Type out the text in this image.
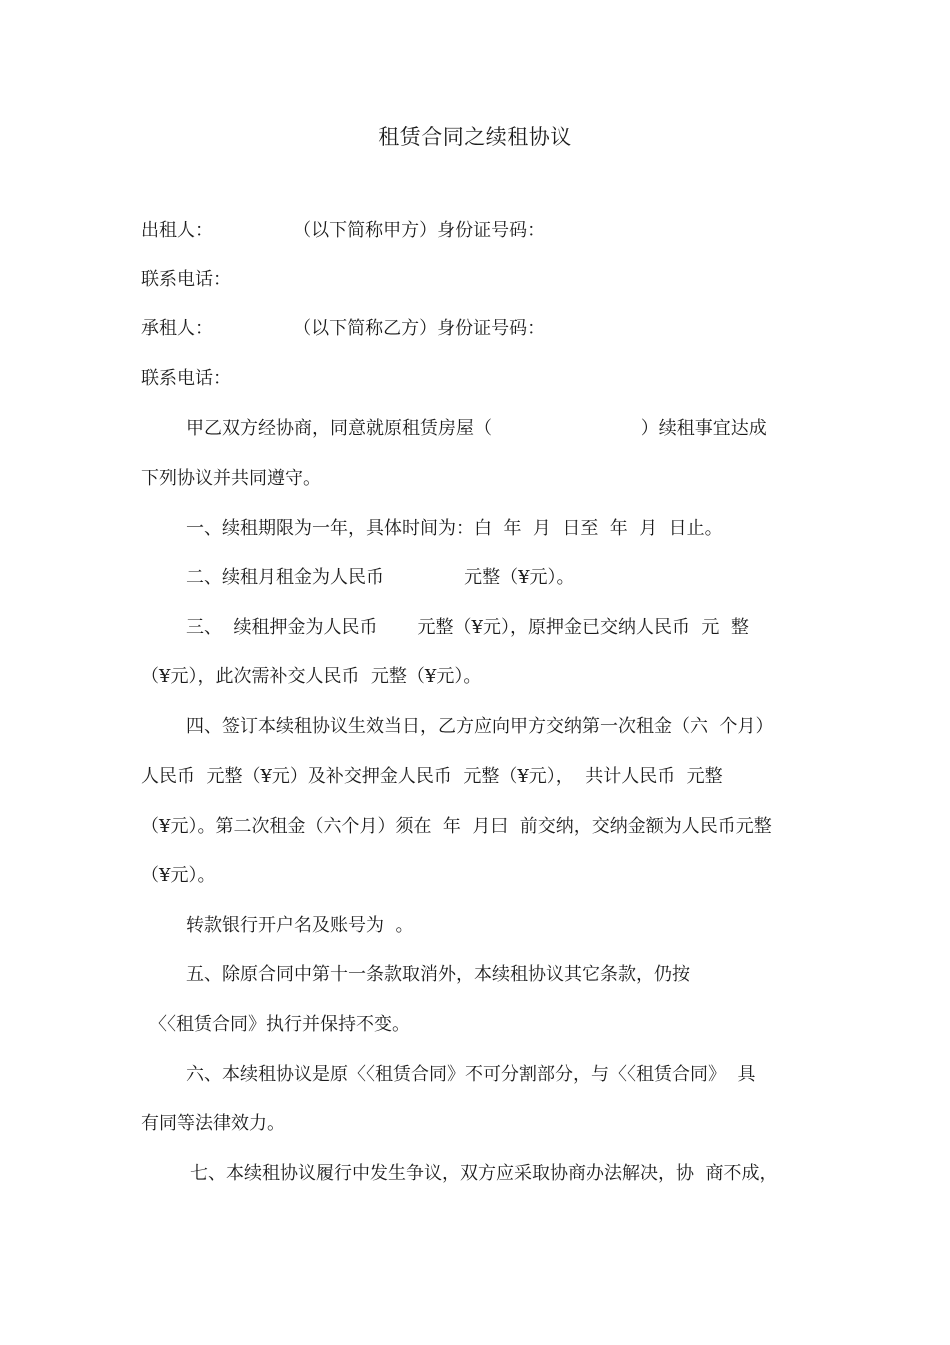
租赁合同之续租协议
出租人：              （以下简称甲方）身份证号码：
联系电话：
承租人：              （以下简称乙方）身份证号码：
联系电话：
甲乙双方经协商，同意就原租赁房屋（                          ）续租事宜达成
下列协议并共同遵守。
一、续租期限为一年，具体时间为：白  年  月  日至  年  月  日止。
二、续租月租金为人民币              元整（¥元）。
三、  续租押金为人民币       元整（¥元），原押金已交纳人民币  元  整
（¥元），此次需补交人民币  元整（¥元）。
四、签订本续租协议生效当日，乙方应向甲方交纳第一次租金（六  个月）
人民币  元整（¥元）及补交押金人民币  元整（¥元），  共计人民币  元整
（¥元）。第二次租金（六个月）须在  年  月曰  前交纳，交纳金额为人民币元整
（¥元）。
转款银行开户名及账号为  。
五、除原合同中第十一条款取消外，本续租协议其它条款，仍按
〈〈租赁合同》执行并保持不变。
六、本续租协议是原〈〈租赁合同》不可分割部分，与〈〈租赁合同》  具
有同等法律效力。
七、本续租协议履行中发生争议，双方应采取协商办法解决，协  商不成，
